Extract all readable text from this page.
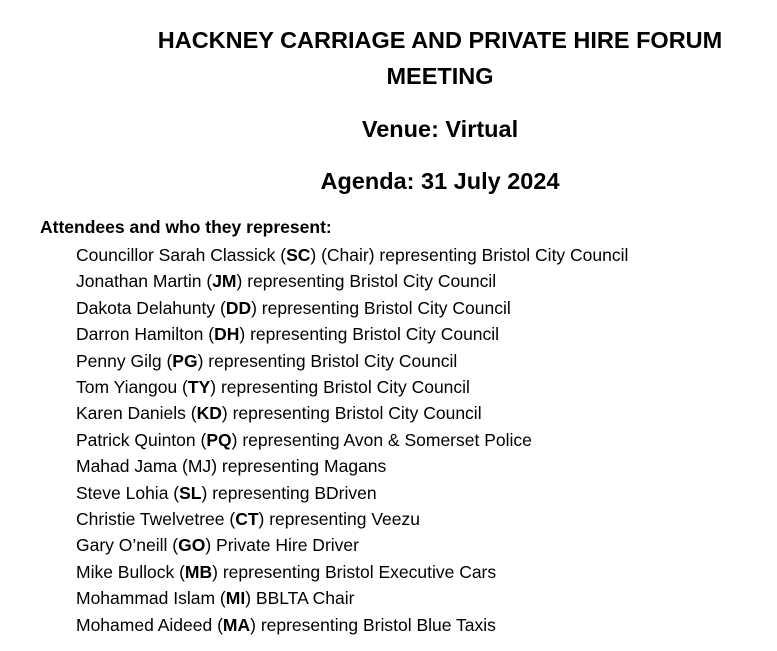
HACKNEY CARRIAGE AND PRIVATE HIRE FORUM
MEETING
Venue: Virtual
Agenda: 31 July 2024
Attendees and who they represent:
Councillor Sarah Classick (SC) (Chair) representing Bristol City Council
Jonathan Martin (JM) representing Bristol City Council
Dakota Delahunty (DD) representing Bristol City Council
Darron Hamilton (DH) representing Bristol City Council
Penny Gilg (PG) representing Bristol City Council
Tom Yiangou (TY) representing Bristol City Council
Karen Daniels (KD) representing Bristol City Council
Patrick Quinton (PQ) representing Avon & Somerset Police
Mahad Jama (MJ) representing Magans
Steve Lohia (SL) representing BDriven
Christie Twelvetree (CT) representing Veezu
Gary O’neill (GO) Private Hire Driver
Mike Bullock (MB) representing Bristol Executive Cars
Mohammad Islam (MI) BBLTA Chair
Mohamed Aideed (MA) representing Bristol Blue Taxis
